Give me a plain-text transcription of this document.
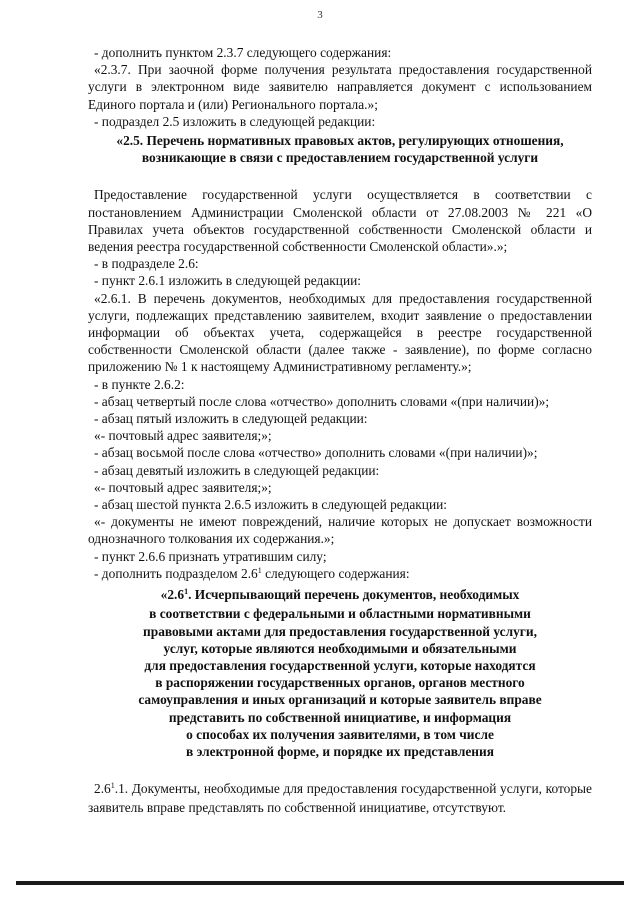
3

- дополнить пунктом 2.3.7 следующего содержания:

«2.3.7. При заочной форме получения результата предоставления государственной услуги в электронном виде заявителю направляется документ с использованием Единого портала и (или) Регионального портала.»;

- подраздел 2.5 изложить в следующей редакции:

«2.5. Перечень нормативных правовых актов, регулирующих отношения,

возникающие в связи с предоставлением государственной услуги

Предоставление государственной услуги осуществляется в соответствии с постановлением Администрации Смоленской области от 27.08.2003 № 221 «О Правилах учета объектов государственной собственности Смоленской области и ведения реестра государственной собственности Смоленской области».»;

- в подразделе 2.6:

- пункт 2.6.1 изложить в следующей редакции:

«2.6.1. В перечень документов, необходимых для предоставления государственной услуги, подлежащих представлению заявителем, входит заявление о предоставлении информации об объектах учета, содержащейся в реестре государственной собственности Смоленской области (далее также - заявление), по форме согласно приложению № 1 к настоящему Административному регламенту.»;

- в пункте 2.6.2:

- абзац четвертый после слова «отчество» дополнить словами «(при наличии)»;

- абзац пятый изложить в следующей редакции:

«- почтовый адрес заявителя;»;

- абзац восьмой после слова «отчество» дополнить словами «(при наличии)»;

- абзац девятый изложить в следующей редакции:

«- почтовый адрес заявителя;»;

- абзац шестой пункта 2.6.5 изложить в следующей редакции:

«- документы не имеют повреждений, наличие которых не допускает возможности однозначного толкования их содержания.»;

- пункт 2.6.6 признать утратившим силу;

- дополнить подразделом $2.6^1$ следующего содержания:

«$2.6^1$. Исчерпывающий перечень документов, необходимых

в соответствии с федеральными и областными нормативными

правовыми актами для предоставления государственной услуги,

услуг, которые являются необходимыми и обязательными

для предоставления государственной услуги, которые находятся

в распоряжении государственных органов, органов местного

самоуправления и иных организаций и которые заявитель вправе

представить по собственной инициативе, и информация

о способах их получения заявителями, в том числе

в электронной форме, и порядке их представления

$2.6^1.1$. Документы, необходимые для предоставления государственной услуги, которые заявитель вправе представлять по собственной инициативе, отсутствуют.
